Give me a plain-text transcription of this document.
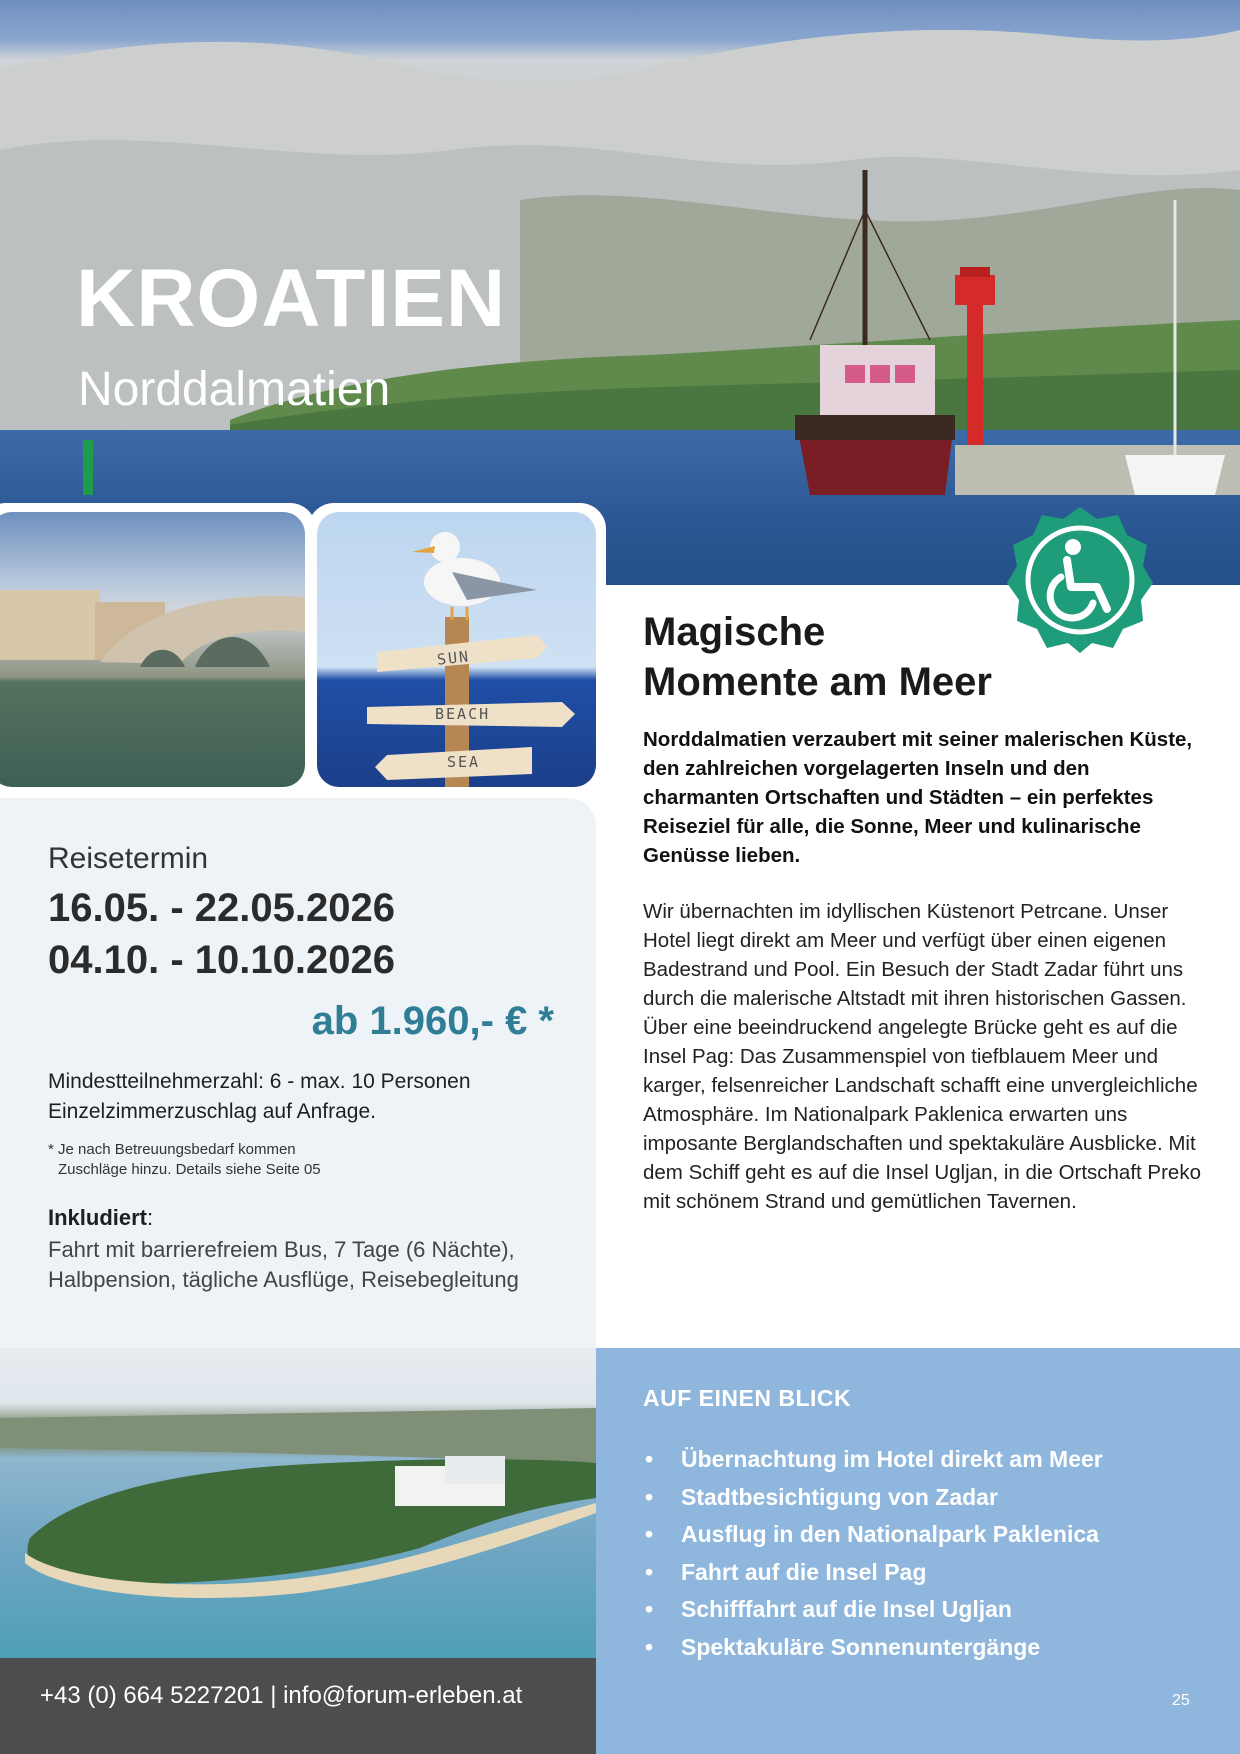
KROATIEN
Norddalmatien
SUN
BEACH
SEA
Reisetermin
16.05. - 22.05.2026
04.10. - 10.10.2026
ab 1.960,- € *
Mindestteilnehmerzahl: 6 - max. 10 Personen
Einzelzimmerzuschlag auf Anfrage.
* Je nach Betreuungsbedarf kommen
Zuschläge hinzu. Details siehe Seite 05
Inkludiert:
Fahrt mit barrierefreiem Bus, 7 Tage (6 Nächte), Halbpension, tägliche Ausflüge, Reisebegleitung
Magische
Momente am Meer
Norddalmatien verzaubert mit seiner malerischen Küste, den zahlreichen vorgelagerten Inseln und den charmanten Ortschaften und Städten – ein perfektes Reiseziel für alle, die Sonne, Meer und kulinarische Genüsse lieben.
Wir übernachten im idyllischen Küstenort Petrcane. Unser Hotel liegt direkt am Meer und verfügt über einen eigenen Badestrand und Pool. Ein Besuch der Stadt Zadar führt uns durch die malerische Altstadt mit ihren historischen Gassen. Über eine beeindruckend angelegte Brücke geht es auf die Insel Pag: Das Zusammenspiel von tiefblauem Meer und karger, felsenreicher Landschaft schafft eine unvergleichliche Atmosphäre. Im Nationalpark Paklenica erwarten uns imposante Berglandschaften und spektakuläre Ausblicke. Mit dem Schiff geht es auf die Insel Ugljan, in die Ortschaft Preko mit schönem Strand und gemütlichen Tavernen.
+43 (0) 664 5227201 | info@forum-erleben.at
AUF EINEN BLICK
• Übernachtung im Hotel direkt am Meer
• Stadtbesichtigung von Zadar
• Ausflug in den Nationalpark Paklenica
• Fahrt auf die Insel Pag
• Schifffahrt auf die Insel Ugljan
• Spektakuläre Sonnenuntergänge
25
